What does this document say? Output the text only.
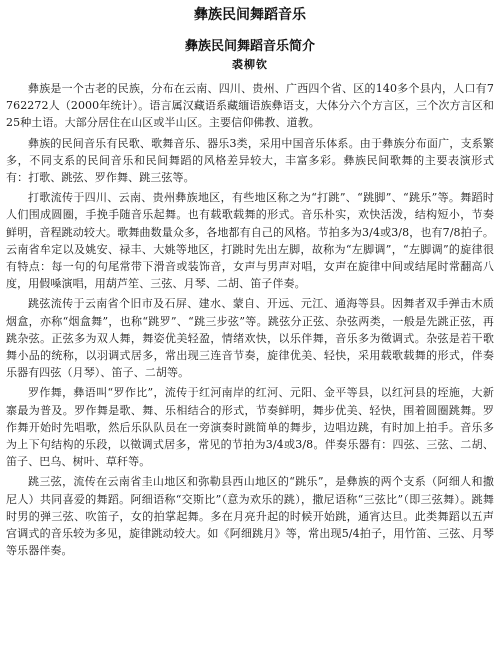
彝族民间舞蹈音乐
彝族民间舞蹈音乐简介
裘柳钦

彝族是一个古老的民族，分布在云南、四川、贵州、广西四个省、区的140多个县内，人口有7762272人（2000年统计）。语言属汉藏语系藏缅语族彝语支，大体分六个方言区，三个次方言区和25种土语。大部分居住在山区或半山区。主要信仰佛教、道教。

彝族的民间音乐有民歌、歌舞音乐、器乐3类，采用中国音乐体系。由于彝族分布面广，支系繁多，不同支系的民间音乐和民间舞蹈的风格差异较大，丰富多彩。彝族民间歌舞的主要表演形式有：打歌、跳弦、罗作舞、跳三弦等。

打歌流传于四川、云南、贵州彝族地区，有些地区称之为“打跳”、“跳脚”、“跳乐”等。舞蹈时人们围成圆圈，手挽手随音乐起舞。也有载歌载舞的形式。音乐朴实，欢快活泼，结构短小，节奏鲜明，音程跳动较大。歌舞曲数量众多，各地都有自己的风格。节拍多为3/4或3/8，也有7/8拍子。云南省牟定以及姚安、禄丰、大姚等地区，打跳时先出左脚，故称为“左脚调”，“左脚调”的旋律很有特点：每一句的句尾常带下滑音或装饰音，女声与男声对唱，女声在旋律中间或结尾时常翻高八度，用假嗓演唱，用葫芦笙、三弦、月琴、二胡、笛子伴奏。

跳弦流传于云南省个旧市及石屏、建水、蒙自、开远、元江、通海等县。因舞者双手弹击木质烟盒，亦称“烟盒舞”，也称“跳罗”、“跳三步弦”等。跳弦分正弦、杂弦两类，一般是先跳正弦，再跳杂弦。正弦多为双人舞，舞姿优美轻盈，情绪欢快，以乐伴舞，音乐多为徵调式。杂弦是若干歌舞小品的统称，以羽调式居多，常出现三连音节奏，旋律优美、轻快，采用载歌载舞的形式，伴奏乐器有四弦（月琴）、笛子、二胡等。

罗作舞，彝语叫“罗作比”，流传于红河南岸的红河、元阳、金平等县，以红河县的垤施，大新寨最为普及。罗作舞是歌、舞、乐相结合的形式，节奏鲜明，舞步优美、轻快，围着圆圈跳舞。罗作舞开始时先唱歌，然后乐队队员在一旁演奏时跳简单的舞步，边唱边跳，有时加上拍手。音乐多为上下句结构的乐段，以徵调式居多，常见的节拍为3/4或3/8。伴奏乐器有：四弦、三弦、二胡、笛子、巴乌、树叶、草秆等。

跳三弦，流传在云南省圭山地区和弥勒县西山地区的“跳乐”，是彝族的两个支系（阿细人和撒尼人）共同喜爱的舞蹈。阿细语称“交斯比”（意为欢乐的跳），撒尼语称“三弦比”（即三弦舞）。跳舞时男的弹三弦、吹笛子，女的拍掌起舞。多在月亮升起的时候开始跳，通宵达旦。此类舞蹈以五声宫调式的音乐较为多见，旋律跳动较大。如《阿细跳月》等，常出现5/4拍子，用竹笛、三弦、月琴等乐器伴奏。
